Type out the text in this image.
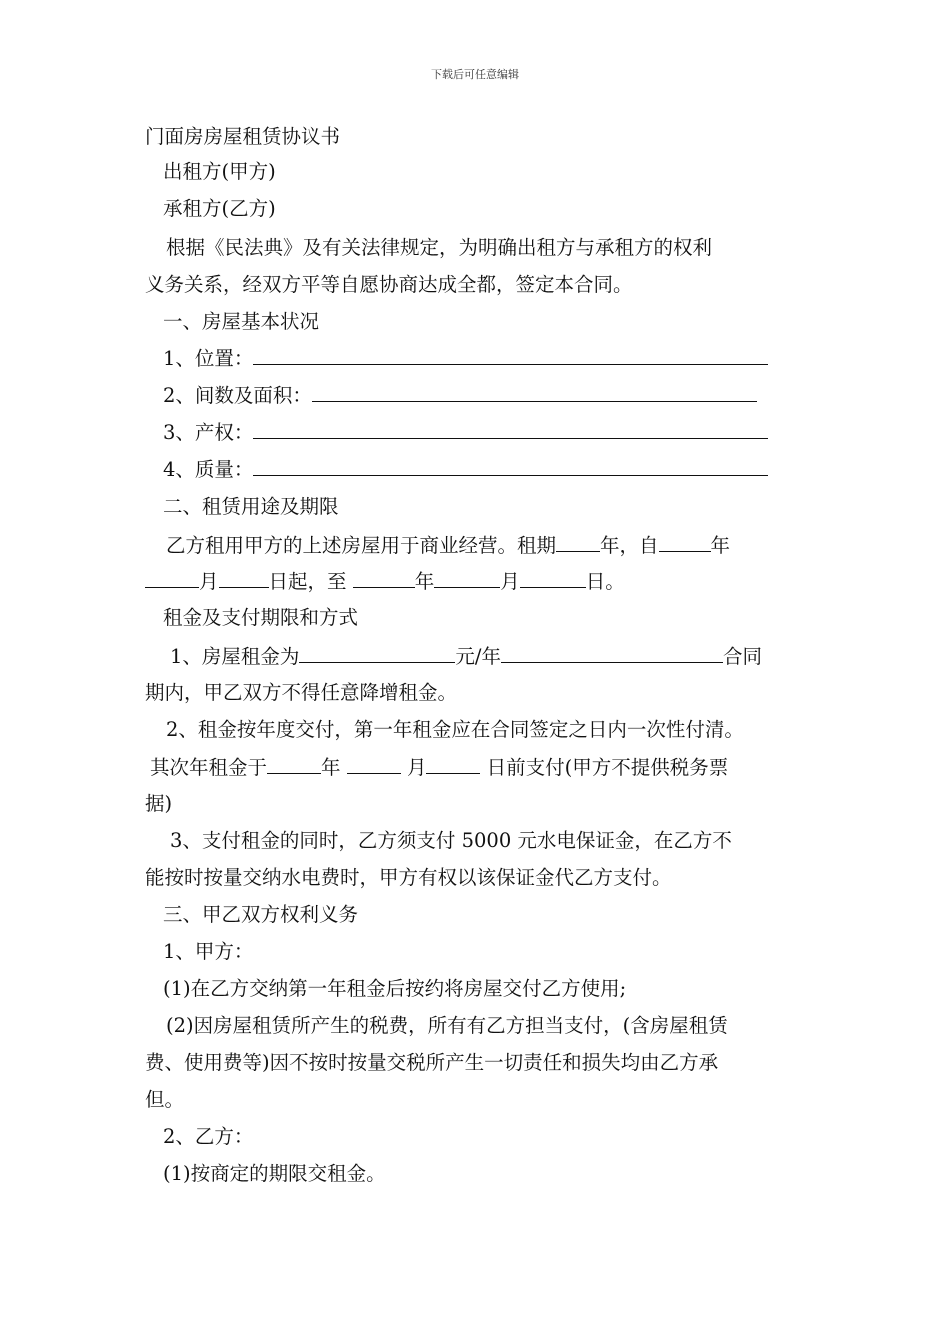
下载后可任意编辑
门面房房屋租赁协议书
出租方(甲方)
承租方(乙方)
根据《民法典》及有关法律规定，为明确出租方与承租方的权利
义务关系，经双方平等自愿协商达成全都，签定本合同。
一、房屋基本状况
1、位置：
2、间数及面积：
3、产权：
4、质量：
二、租赁用途及期限
乙方租用甲方的上述房屋用于商业经营。租期 年，自	年
月	日起，至	年	月	日。
租金及支付期限和方式
1、房屋租金为	元/年	合同
期内，甲乙双方不得任意降增租金。
2、租金按年度交付，第一年租金应在合同签定之日内一次性付清。
其次年租金于	年	月	日前支付(甲方不提供税务票
据)
3、支付租金的同时，乙方须支付 5000 元水电保证金，在乙方不
能按时按量交纳水电费时，甲方有权以该保证金代乙方支付。
三、甲乙双方权利义务
1、甲方：
(1)在乙方交纳第一年租金后按约将房屋交付乙方使用;
(2)因房屋租赁所产生的税费，所有有乙方担当支付，(含房屋租赁
费、使用费等)因不按时按量交税所产生一切责任和损失均由乙方承
但。
2、乙方：
(1)按商定的期限交租金。
